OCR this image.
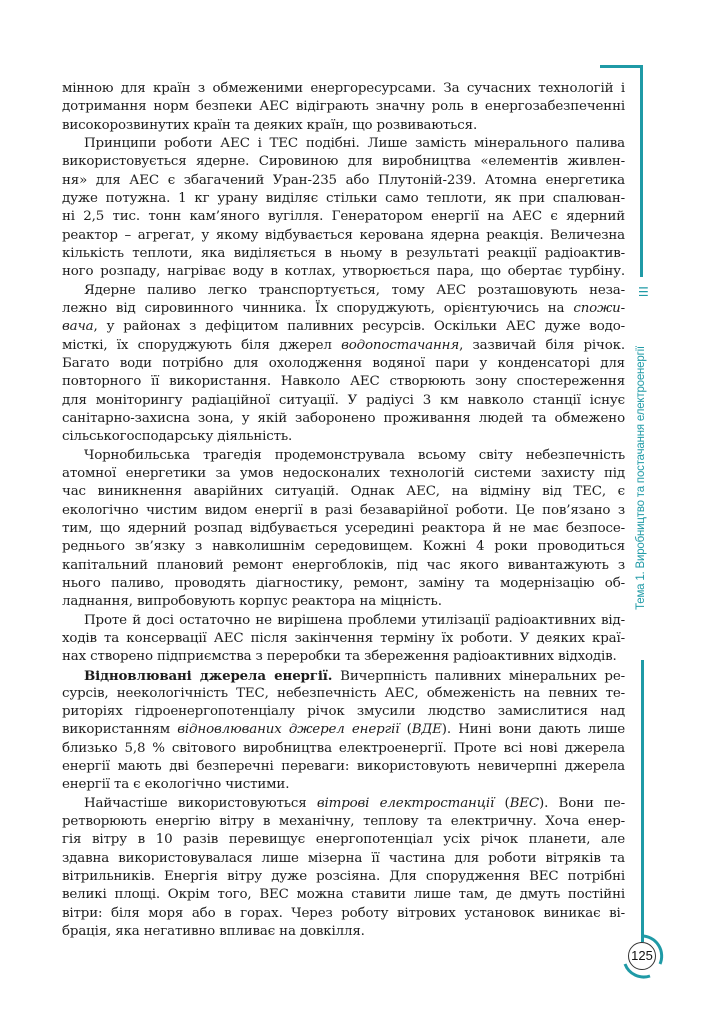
мінною для країн з обмеженими енергоресурсами. За сучасних технологій і
дотримання норм безпеки АЕС відіграють значну роль в енергозабезпеченні
високорозвинутих країн та деяких країн, що розвиваються.
Принципи роботи АЕС і ТЕС подібні. Лише замість мінерального палива
використовується ядерне. Сировиною для виробництва «елементів живлен-
ня» для АЕС є збагачений Уран-235 або Плутоній-239. Атомна енергетика
дуже потужна. 1 кг урану виділяє стільки само теплоти, як при спалюван-
ні 2,5 тис. тонн кам’яного вугілля. Генератором енергії на АЕС є ядерний
реактор – агрегат, у якому відбувається керована ядерна реакція. Величезна
кількість теплоти, яка виділяється в ньому в результаті реакції радіоактив-
ного розпаду, нагріває воду в котлах, утворюється пара, що обертає турбіну.
Ядерне паливо легко транспортується, тому АЕС розташовують неза-
лежно від сировинного чинника. Їх споруджують, орієнтуючись на спожи-
вача, у районах з дефіцитом паливних ресурсів. Оскільки АЕС дуже водо-
місткі, їх споруджують біля джерел водопостачання, зазвичай біля річок.
Багато води потрібно для охолодження водяної пари у конденсаторі для
повторного її використання. Навколо АЕС створюють зону спостереження
для моніторингу радіаційної ситуації. У радіусі 3 км навколо станції існує
санітарно-захисна зона, у якій заборонено проживання людей та обмежено
сільськогосподарську діяльність.
Чорнобильська трагедія продемонструвала всьому світу небезпечність
атомної енергетики за умов недосконалих технологій системи захисту під
час виникнення аварійних ситуацій. Однак АЕС, на відміну від ТЕС, є
екологічно чистим видом енергії в разі безаварійної роботи. Це пов’язано з
тим, що ядерний розпад відбувається усередині реактора й не має безпосе-
реднього зв’язку з навколишнім середовищем. Кожні 4 роки проводиться
капітальний плановий ремонт енергоблоків, під час якого вивантажують з
нього паливо, проводять діагностику, ремонт, заміну та модернізацію об-
ладнання, випробовують корпус реактора на міцність.
Проте й досі остаточно не вирішена проблеми утилізації радіоактивних від-
ходів та консервації АЕС після закінчення терміну їх роботи. У деяких краї-
нах створено підприємства з переробки та збереження радіоактивних відходів.
Відновлювані джерела енергії. Вичерпність паливних мінеральних ре-
сурсів, неекологічність ТЕС, небезпечність АЕС, обмеженість на певних те-
риторіях гідроенергопотенціалу річок змусили людство замислитися над
використанням відновлюваних джерел енергії (ВДЕ). Нині вони дають лише
близько 5,8 % світового виробництва електроенергії. Проте всі нові джерела
енергії мають дві безперечні переваги: використовують невичерпні джерела
енергії та є екологічно чистими.
Найчастіше використовуються вітрові електростанції (ВЕС). Вони пе-
ретворюють енергію вітру в механічну, теплову та електричну. Хоча енер-
гія вітру в 10 разів перевищує енергопотенціал усіх річок планети, але
здавна використовувалася лише мізерна її частина для роботи вітряків та
вітрильників. Енергія вітру дуже розсіяна. Для спорудження ВЕС потрібні
великі площі. Окрім того, ВЕС можна ставити лише там, де дмуть постійні
вітри: біля моря або в горах. Через роботу вітрових установок виникає ві-
брація, яка негативно впливає на довкілля.
☰
Тема 1. Виробництво та постачання електроенергії
125
